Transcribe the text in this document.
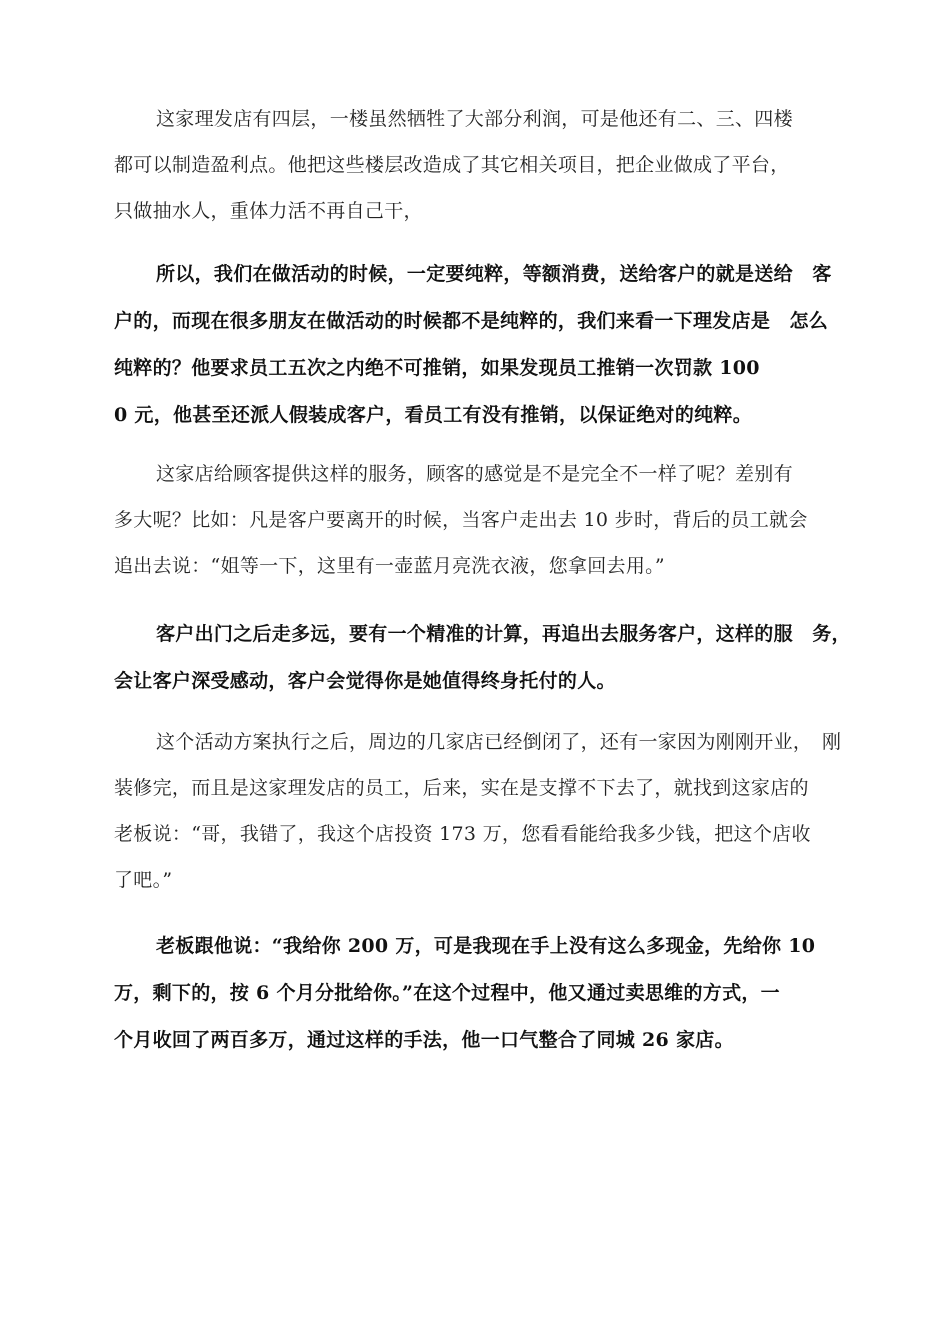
这家理发店有四层，一楼虽然牺牲了大部分利润，可是他还有二、三、四楼
都可以制造盈利点。他把这些楼层改造成了其它相关项目，把企业做成了平台，
只做抽水人，重体力活不再自己干，
所以，我们在做活动的时候，一定要纯粹，等额消费，送给客户的就是送给　客
户的，而现在很多朋友在做活动的时候都不是纯粹的，我们来看一下理发店是　怎么
纯粹的？他要求员工五次之内绝不可推销，如果发现员工推销一次罚款 100
0 元，他甚至还派人假装成客户，看员工有没有推销，以保证绝对的纯粹。
这家店给顾客提供这样的服务，顾客的感觉是不是完全不一样了呢？差别有
多大呢？比如：凡是客户要离开的时候，当客户走出去 10 步时，背后的员工就会
追出去说：“姐等一下，这里有一壶蓝月亮洗衣液，您拿回去用。”
客户出门之后走多远，要有一个精准的计算，再追出去服务客户，这样的服　务，
会让客户深受感动，客户会觉得你是她值得终身托付的人。
这个活动方案执行之后，周边的几家店已经倒闭了，还有一家因为刚刚开业，　刚
装修完，而且是这家理发店的员工，后来，实在是支撑不下去了，就找到这家店的
老板说：“哥，我错了，我这个店投资 173 万，您看看能给我多少钱，把这个店收
了吧。”
老板跟他说：“我给你 200 万，可是我现在手上没有这么多现金，先给你 10
万，剩下的，按 6 个月分批给你。”在这个过程中，他又通过卖思维的方式，一
个月收回了两百多万，通过这样的手法，他一口气整合了同城 26 家店。
